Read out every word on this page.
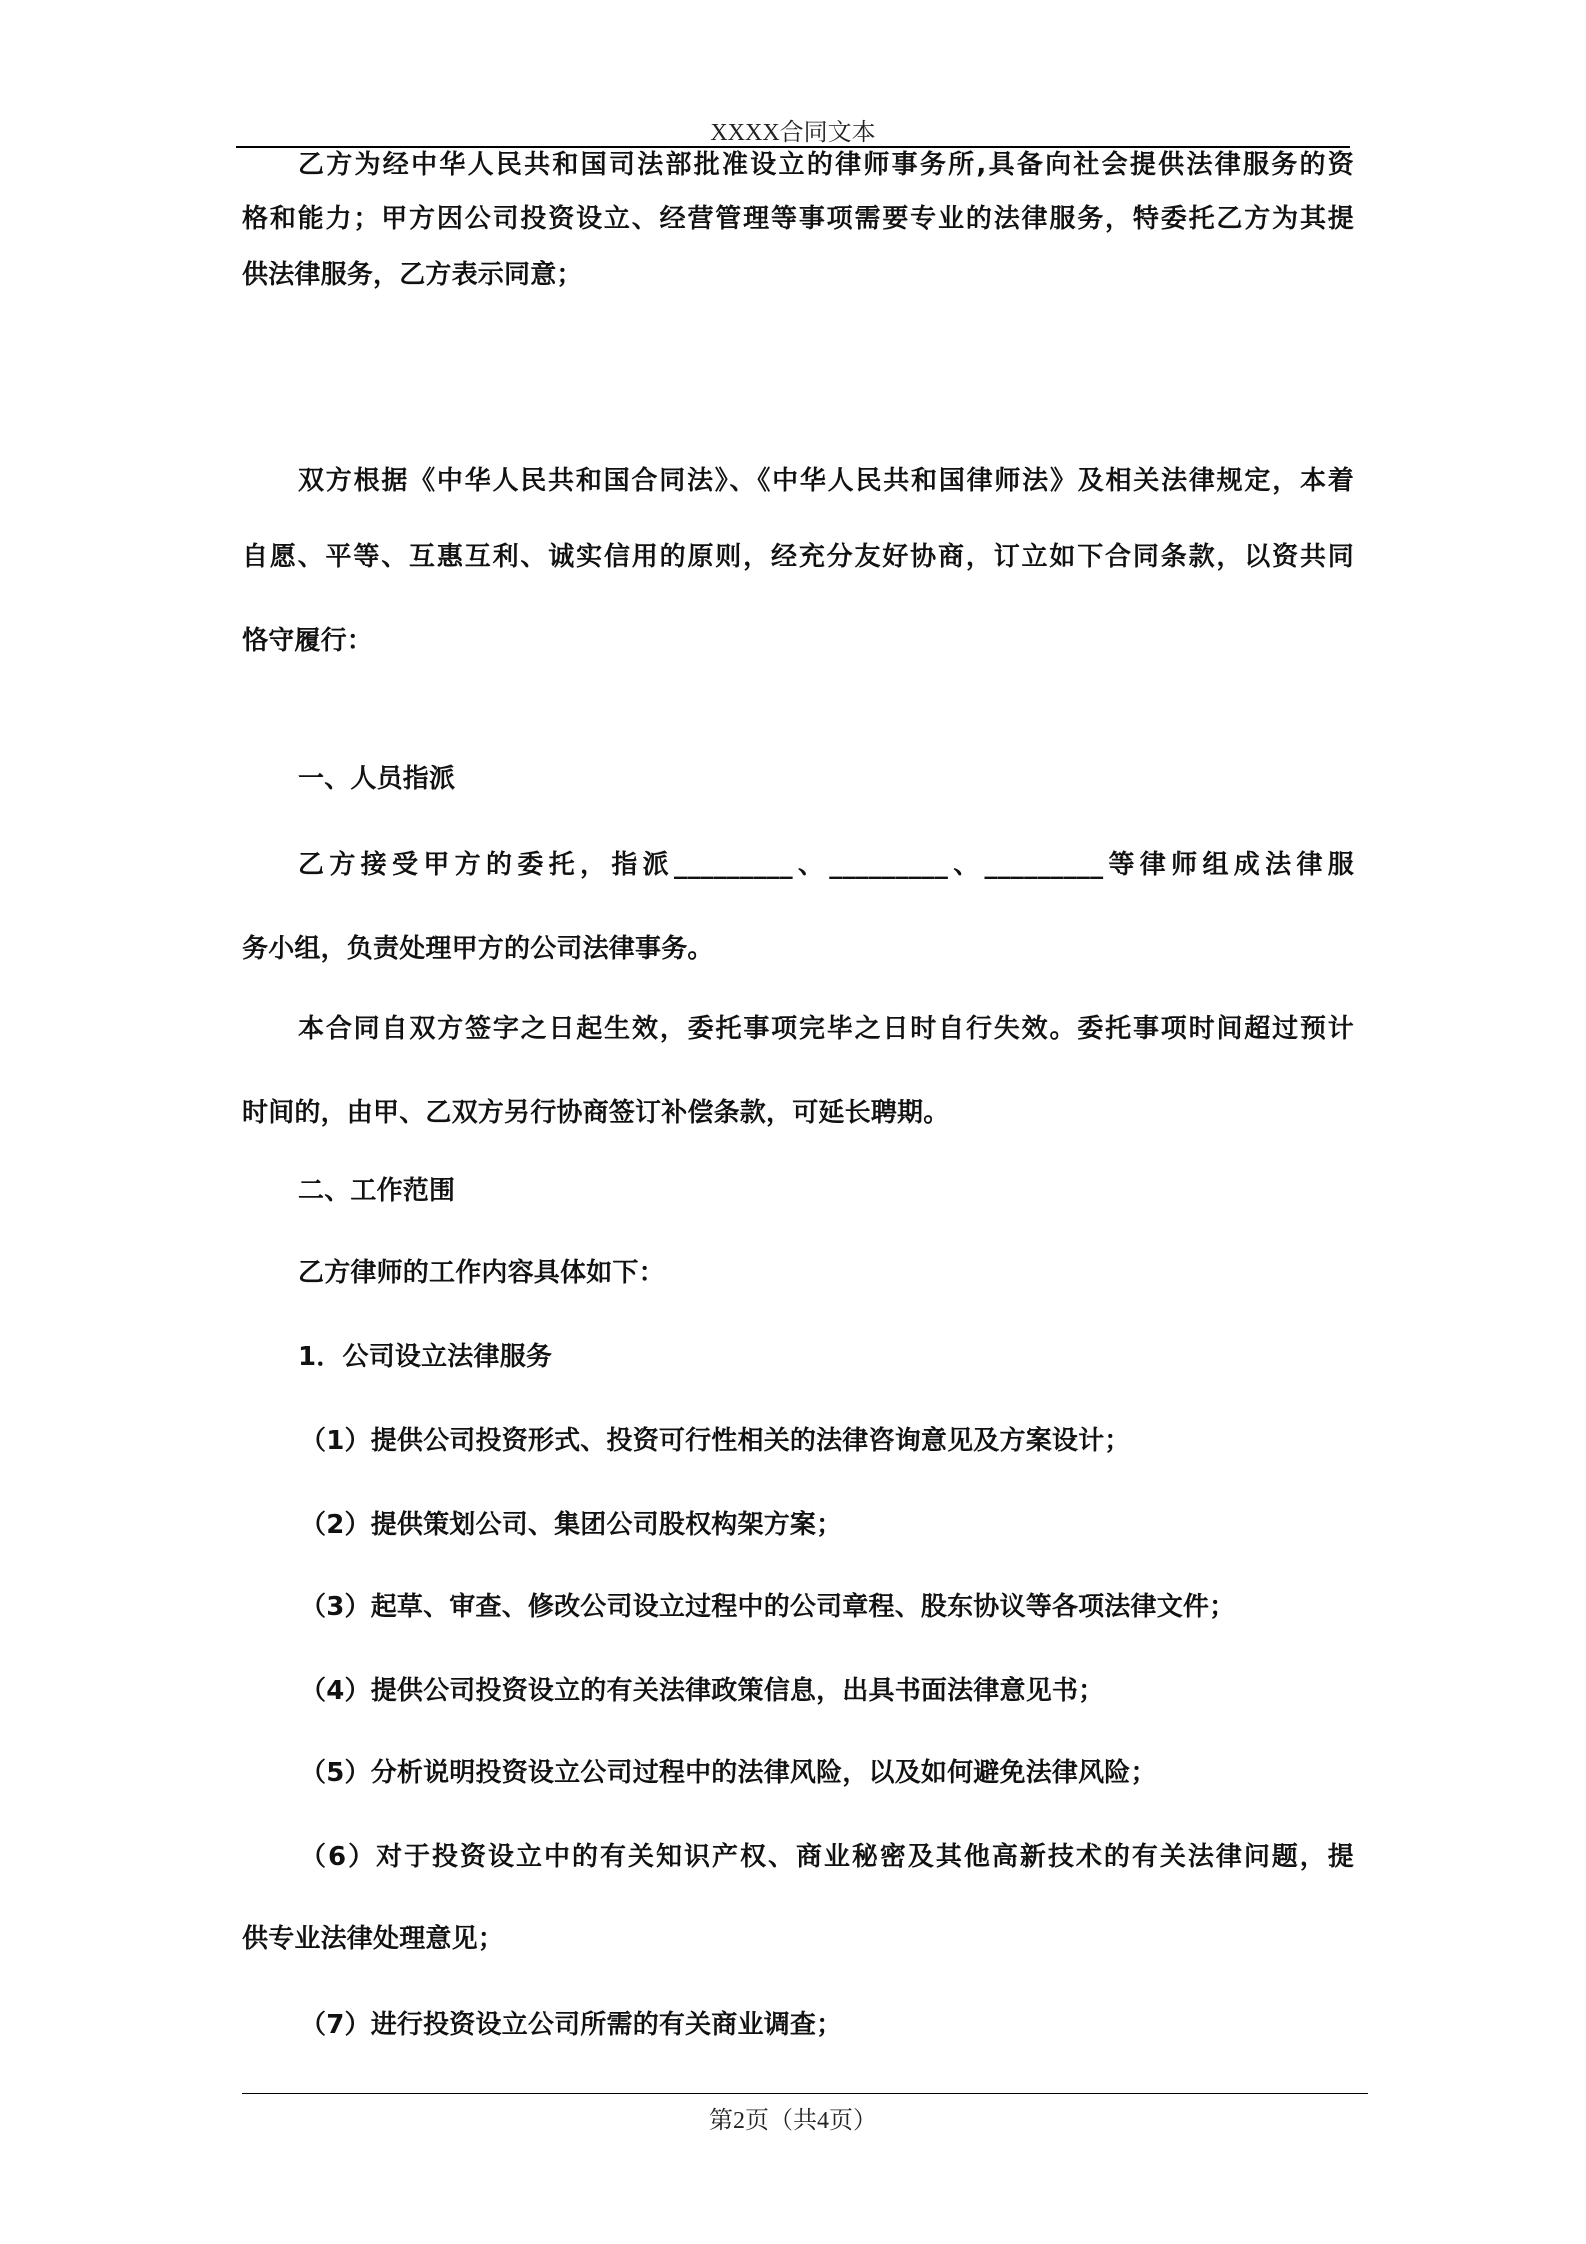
XXXX合同文本
乙方为经中华人民共和国司法部批准设立的律师事务所,具备向社会提供法律服务的资
格和能力；甲方因公司投资设立、经营管理等事项需要专业的法律服务，特委托乙方为其提
供法律服务，乙方表示同意；
双方根据《中华人民共和国合同法》、《中华人民共和国律师法》及相关法律规定，本着
自愿、平等、互惠互利、诚实信用的原则，经充分友好协商，订立如下合同条款，以资共同
恪守履行：
一、人员指派
乙方接受甲方的委托，指派_________、_________、_________等律师组成法律服
务小组，负责处理甲方的公司法律事务。
本合同自双方签字之日起生效，委托事项完毕之日时自行失效。委托事项时间超过预计
时间的，由甲、乙双方另行协商签订补偿条款，可延长聘期。
二、工作范围
乙方律师的工作内容具体如下：
1．公司设立法律服务
（1）提供公司投资形式、投资可行性相关的法律咨询意见及方案设计；
（2）提供策划公司、集团公司股权构架方案；
（3）起草、审查、修改公司设立过程中的公司章程、股东协议等各项法律文件；
（4）提供公司投资设立的有关法律政策信息，出具书面法律意见书；
（5）分析说明投资设立公司过程中的法律风险，以及如何避免法律风险；
（6）对于投资设立中的有关知识产权、商业秘密及其他高新技术的有关法律问题，提
供专业法律处理意见；
（7）进行投资设立公司所需的有关商业调查；
第2页（共4页）
